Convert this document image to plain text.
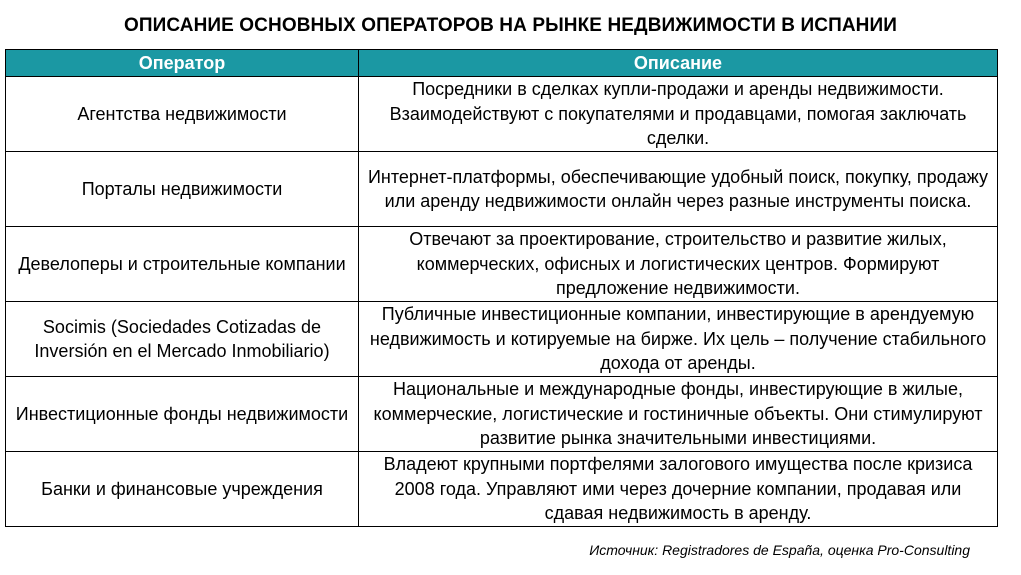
ОПИСАНИЕ ОСНОВНЫХ ОПЕРАТОРОВ НА РЫНКЕ НЕДВИЖИМОСТИ В ИСПАНИИ
Оператор	Описание
Агентства недвижимости	Посредники в сделках купли-продажи и аренды недвижимости. Взаимодействуют с покупателями и продавцами, помогая заключать сделки.
Порталы недвижимости	Интернет-платформы, обеспечивающие удобный поиск, покупку, продажу или аренду недвижимости онлайн через разные инструменты поиска.
Девелоперы и строительные компании	Отвечают за проектирование, строительство и развитие жилых, коммерческих, офисных и логистических центров. Формируют предложение недвижимости.
Socimis (Sociedades Cotizadas de Inversión en el Mercado Inmobiliario)	Публичные инвестиционные компании, инвестирующие в арендуемую недвижимость и котируемые на бирже. Их цель – получение стабильного дохода от аренды.
Инвестиционные фонды недвижимости	Национальные и международные фонды, инвестирующие в жилые, коммерческие, логистические и гостиничные объекты. Они стимулируют развитие рынка значительными инвестициями.
Банки и финансовые учреждения	Владеют крупными портфелями залогового имущества после кризиса 2008 года. Управляют ими через дочерние компании, продавая или сдавая недвижимость в аренду.
Источник: Registradores de España, оценка Pro-Consulting
